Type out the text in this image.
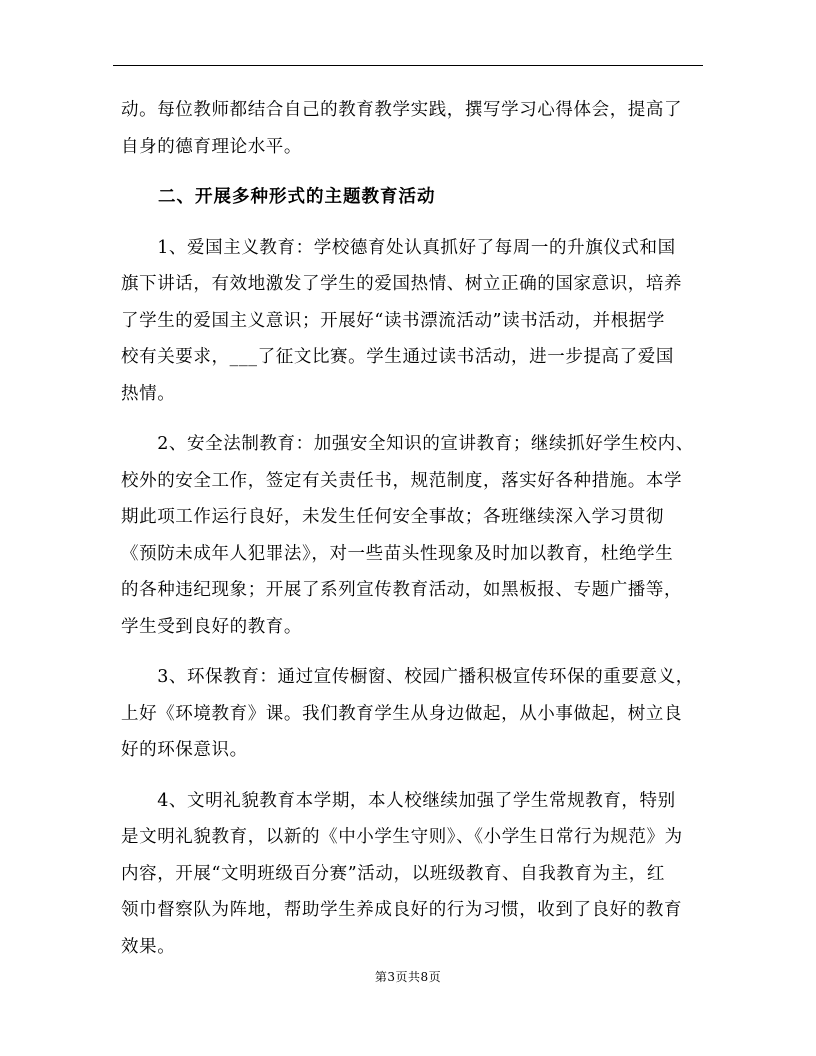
动。每位教师都结合自己的教育教学实践，撰写学习心得体会，提高了
自身的德育理论水平。

　　二、开展多种形式的主题教育活动

　　1、爱国主义教育：学校德育处认真抓好了每周一的升旗仪式和国
旗下讲话，有效地激发了学生的爱国热情、树立正确的国家意识，培养
了学生的爱国主义意识；开展好“读书漂流活动”读书活动，并根据学
校有关要求，___了征文比赛。学生通过读书活动，进一步提高了爱国
热情。

　　2、安全法制教育：加强安全知识的宣讲教育；继续抓好学生校内、
校外的安全工作，签定有关责任书，规范制度，落实好各种措施。本学
期此项工作运行良好，未发生任何安全事故；各班继续深入学习贯彻
《预防未成年人犯罪法》，对一些苗头性现象及时加以教育，杜绝学生
的各种违纪现象；开展了系列宣传教育活动，如黑板报、专题广播等，
学生受到良好的教育。

　　3、环保教育：通过宣传橱窗、校园广播积极宣传环保的重要意义，
上好《环境教育》课。我们教育学生从身边做起，从小事做起，树立良
好的环保意识。

　　4、文明礼貌教育本学期，本人校继续加强了学生常规教育，特别
是文明礼貌教育，以新的《中小学生守则》、《小学生日常行为规范》为
内容，开展“文明班级百分赛”活动，以班级教育、自我教育为主，红
领巾督察队为阵地，帮助学生养成良好的行为习惯，收到了良好的教育
效果。

第3页共8页
